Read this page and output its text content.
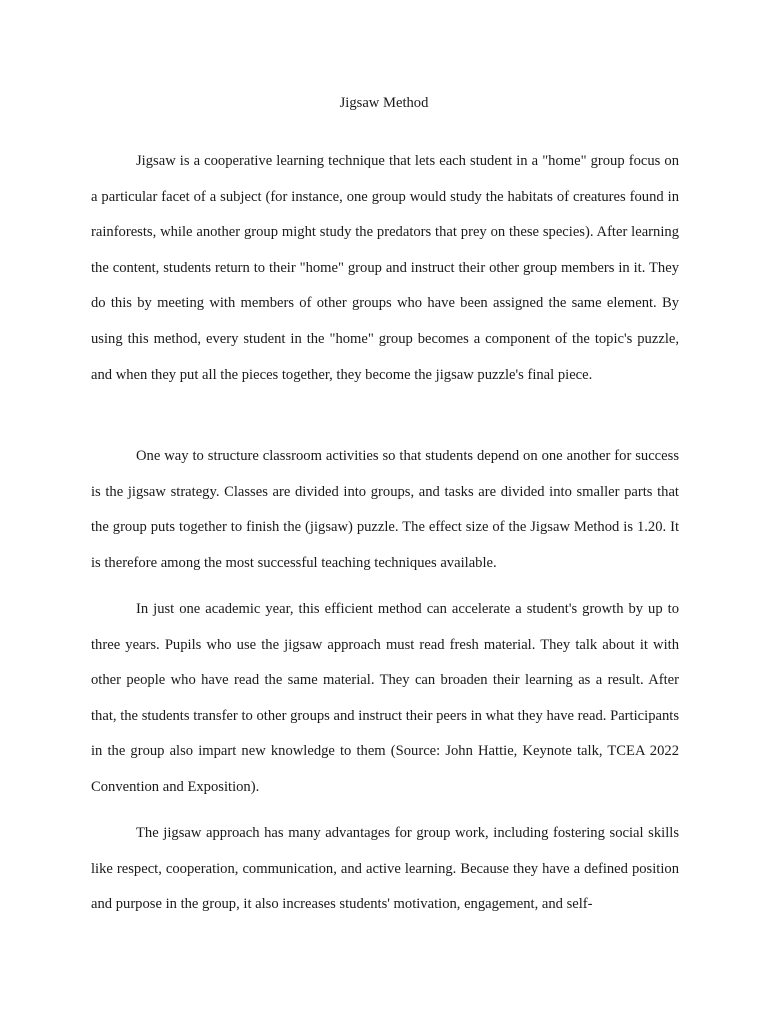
Jigsaw Method

Jigsaw is a cooperative learning technique that lets each student in a "home" group focus on a particular facet of a subject (for instance, one group would study the habitats of creatures found in rainforests, while another group might study the predators that prey on these species). After learning the content, students return to their "home" group and instruct their other group members in it. They do this by meeting with members of other groups who have been assigned the same element. By using this method, every student in the "home" group becomes a component of the topic's puzzle, and when they put all the pieces together, they become the jigsaw puzzle's final piece.

One way to structure classroom activities so that students depend on one another for success is the jigsaw strategy. Classes are divided into groups, and tasks are divided into smaller parts that the group puts together to finish the (jigsaw) puzzle. The effect size of the Jigsaw Method is 1.20. It is therefore among the most successful teaching techniques available.

In just one academic year, this efficient method can accelerate a student's growth by up to three years. Pupils who use the jigsaw approach must read fresh material. They talk about it with other people who have read the same material. They can broaden their learning as a result. After that, the students transfer to other groups and instruct their peers in what they have read. Participants in the group also impart new knowledge to them (Source: John Hattie, Keynote talk, TCEA 2022 Convention and Exposition).

The jigsaw approach has many advantages for group work, including fostering social skills like respect, cooperation, communication, and active learning. Because they have a defined position and purpose in the group, it also increases students' motivation, engagement, and self-
